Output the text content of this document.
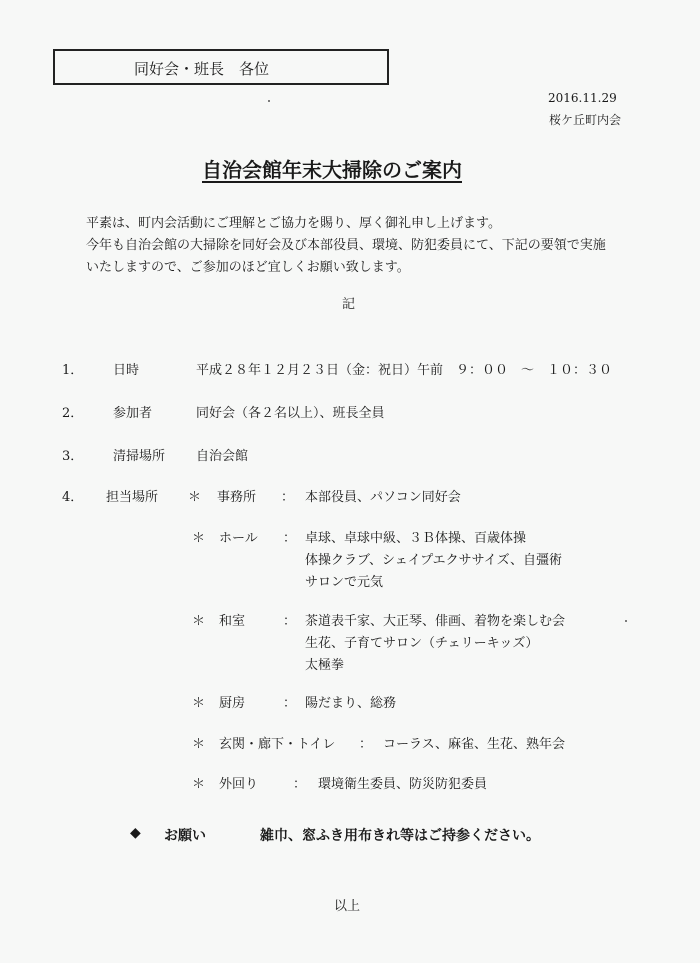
同好会・班長　各位
2016.11.29
桜ケ丘町内会
自治会館年末大掃除のご案内
平素は、町内会活動にご理解とご協力を賜り、厚く御礼申し上げます。
今年も自治会館の大掃除を同好会及び本部役員、環境、防犯委員にて、下記の要領で実施
いたしますので、ご参加のほど宜しくお願い致します。
記
1． 日時	平成２８年１２月２３日（金：祝日）午前　９：００　～　１０：３０
2． 参加者	同好会（各２名以上）、班長全員
3． 清掃場所 自治会館
4． 担当場所 ＊ 事務所 ： 本部役員、パソコン同好会
＊ ホール ： 卓球、卓球中級、３Ｂ体操、百歳体操
体操クラブ、シェイプエクササイズ、自彊術
サロンで元気
＊ 和室	： 茶道表千家、大正琴、俳画、着物を楽しむ会
生花、子育てサロン（チェリーキッズ）
太極拳
＊ 厨房	： 陽だまり、総務
＊ 玄関・廊下・トイレ ： コーラス、麻雀、生花、熟年会
＊ 外回り	： 環境衛生委員、防災防犯委員
◆ お願い	雑巾、窓ふき用布きれ等はご持参ください。
以上
